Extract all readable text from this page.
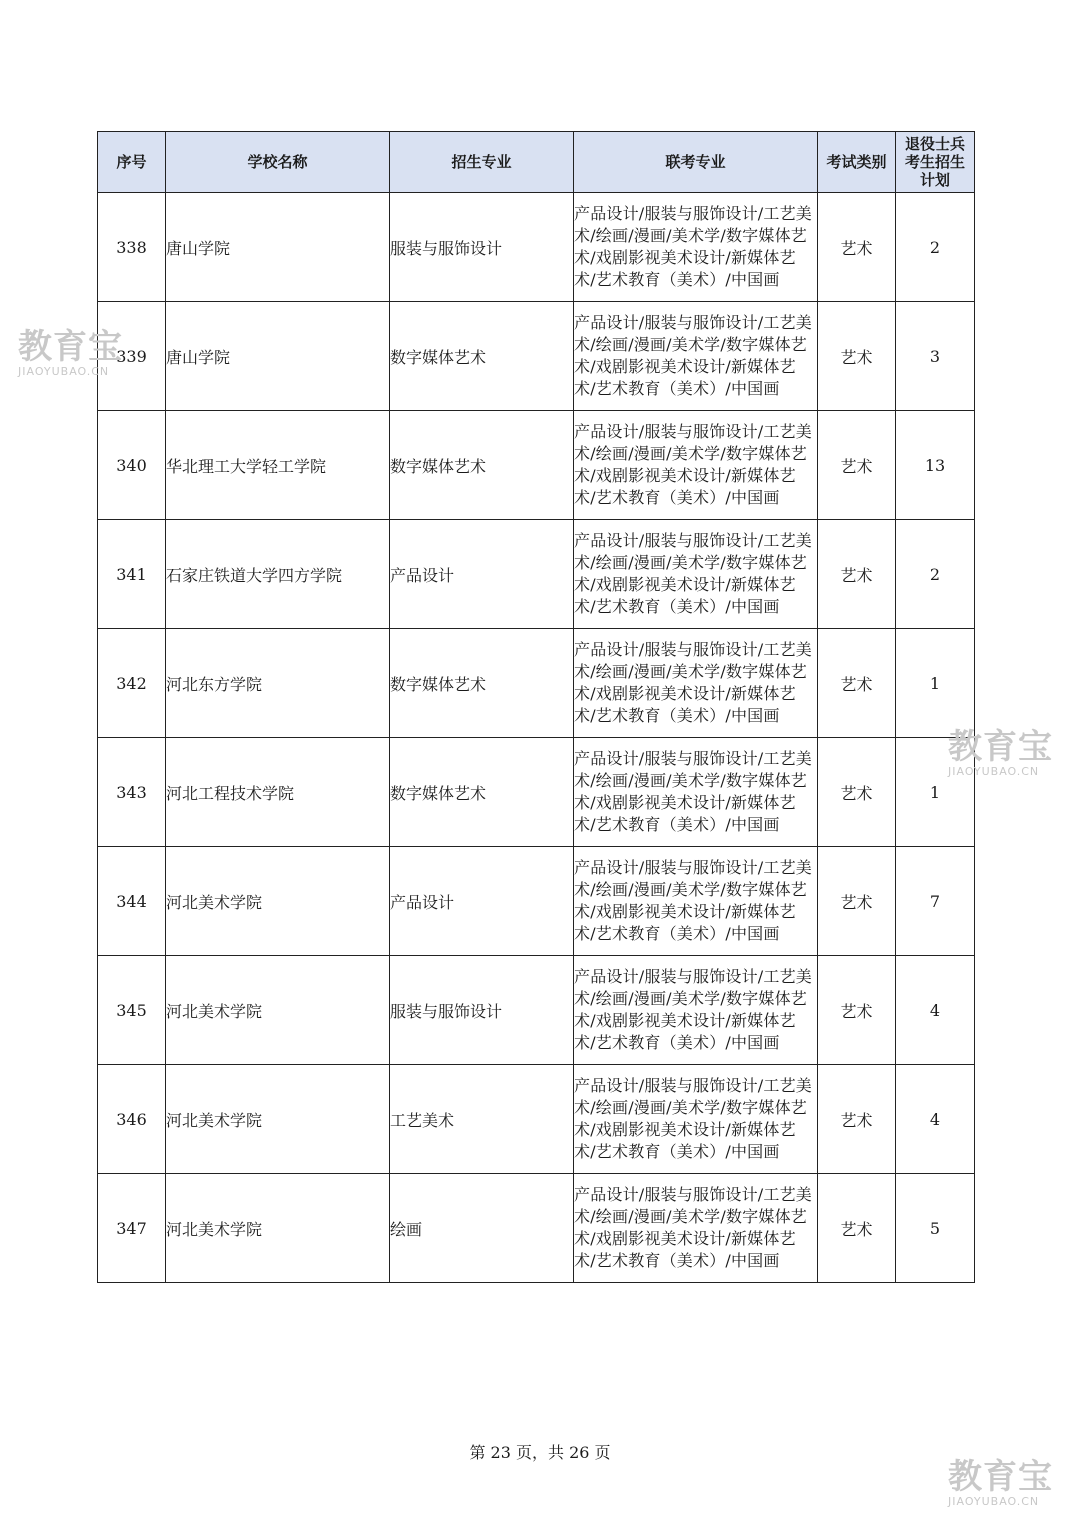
序号	学校名称	招生专业	联考专业	考试类别	退役士兵考生招生计划
338	唐山学院	服装与服饰设计	产品设计/服装与服饰设计/工艺美术/绘画/漫画/美术学/数字媒体艺术/戏剧影视美术设计/新媒体艺术/艺术教育（美术）/中国画	艺术	2
339	唐山学院	数字媒体艺术	产品设计/服装与服饰设计/工艺美术/绘画/漫画/美术学/数字媒体艺术/戏剧影视美术设计/新媒体艺术/艺术教育（美术）/中国画	艺术	3
340	华北理工大学轻工学院	数字媒体艺术	产品设计/服装与服饰设计/工艺美术/绘画/漫画/美术学/数字媒体艺术/戏剧影视美术设计/新媒体艺术/艺术教育（美术）/中国画	艺术	13
341	石家庄铁道大学四方学院	产品设计	产品设计/服装与服饰设计/工艺美术/绘画/漫画/美术学/数字媒体艺术/戏剧影视美术设计/新媒体艺术/艺术教育（美术）/中国画	艺术	2
342	河北东方学院	数字媒体艺术	产品设计/服装与服饰设计/工艺美术/绘画/漫画/美术学/数字媒体艺术/戏剧影视美术设计/新媒体艺术/艺术教育（美术）/中国画	艺术	1
343	河北工程技术学院	数字媒体艺术	产品设计/服装与服饰设计/工艺美术/绘画/漫画/美术学/数字媒体艺术/戏剧影视美术设计/新媒体艺术/艺术教育（美术）/中国画	艺术	1
344	河北美术学院	产品设计	产品设计/服装与服饰设计/工艺美术/绘画/漫画/美术学/数字媒体艺术/戏剧影视美术设计/新媒体艺术/艺术教育（美术）/中国画	艺术	7
345	河北美术学院	服装与服饰设计	产品设计/服装与服饰设计/工艺美术/绘画/漫画/美术学/数字媒体艺术/戏剧影视美术设计/新媒体艺术/艺术教育（美术）/中国画	艺术	4
346	河北美术学院	工艺美术	产品设计/服装与服饰设计/工艺美术/绘画/漫画/美术学/数字媒体艺术/戏剧影视美术设计/新媒体艺术/艺术教育（美术）/中国画	艺术	4
347	河北美术学院	绘画	产品设计/服装与服饰设计/工艺美术/绘画/漫画/美术学/数字媒体艺术/戏剧影视美术设计/新媒体艺术/艺术教育（美术）/中国画	艺术	5
第 23 页，共 26 页
教育宝
JIAOYUBAO.CN
教育宝
JIAOYUBAO.CN
教育宝
JIAOYUBAO.CN
